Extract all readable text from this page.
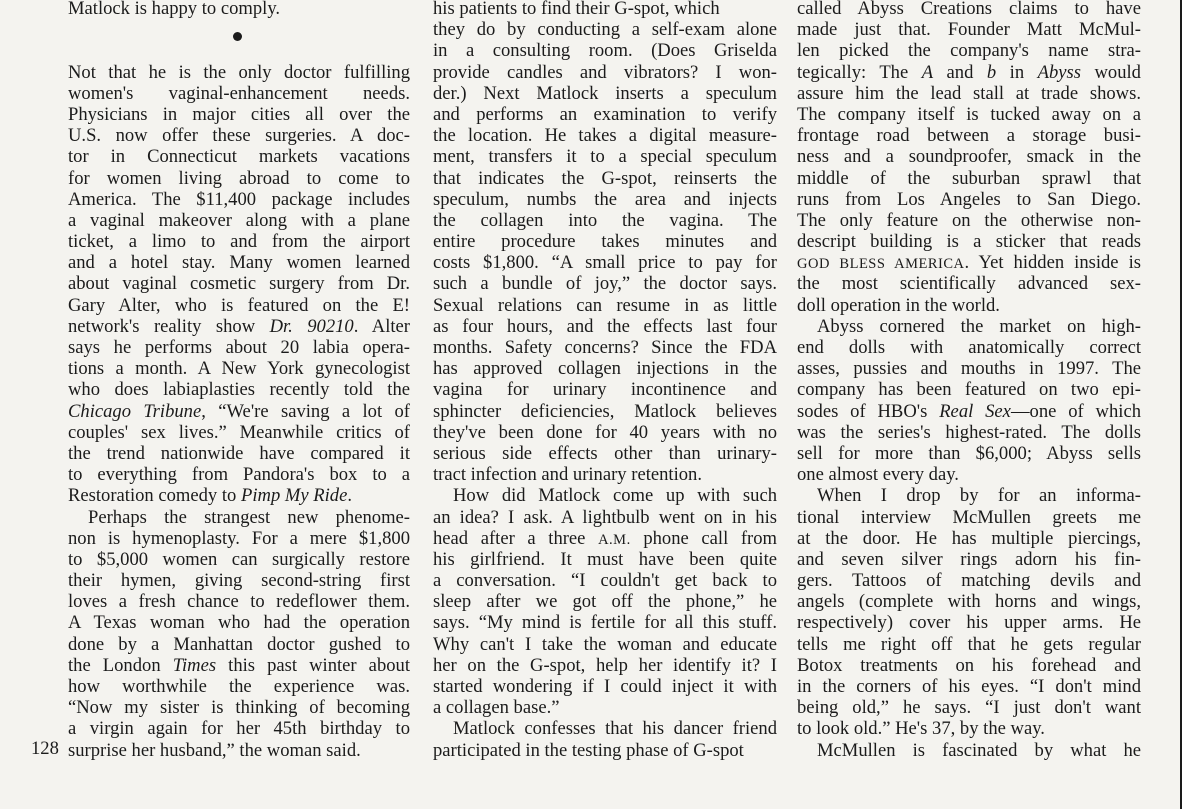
Matlock is happy to comply.
Not that he is the only doctor fulfilling
women's vaginal-enhancement needs.
Physicians in major cities all over the
U.S. now offer these surgeries. A doc-
tor in Connecticut markets vacations
for women living abroad to come to
America. The $11,400 package includes
a vaginal makeover along with a plane
ticket, a limo to and from the airport
and a hotel stay. Many women learned
about vaginal cosmetic surgery from Dr.
Gary Alter, who is featured on the E!
network's reality show Dr. 90210. Alter
says he performs about 20 labia opera-
tions a month. A New York gynecologist
who does labiaplasties recently told the
Chicago Tribune, “We're saving a lot of
couples' sex lives.” Meanwhile critics of
the trend nationwide have compared it
to everything from Pandora's box to a
Restoration comedy to Pimp My Ride.
Perhaps the strangest new phenome-
non is hymenoplasty. For a mere $1,800
to $5,000 women can surgically restore
their hymen, giving second-string first
loves a fresh chance to redeflower them.
A Texas woman who had the operation
done by a Manhattan doctor gushed to
the London Times this past winter about
how worthwhile the experience was.
“Now my sister is thinking of becoming
a virgin again for her 45th birthday to
surprise her husband,” the woman said.
his patients to find their G-spot, which
they do by conducting a self-exam alone
in a consulting room. (Does Griselda
provide candles and vibrators? I won-
der.) Next Matlock inserts a speculum
and performs an examination to verify
the location. He takes a digital measure-
ment, transfers it to a special speculum
that indicates the G-spot, reinserts the
speculum, numbs the area and injects
the collagen into the vagina. The
entire procedure takes minutes and
costs $1,800. “A small price to pay for
such a bundle of joy,” the doctor says.
Sexual relations can resume in as little
as four hours, and the effects last four
months. Safety concerns? Since the FDA
has approved collagen injections in the
vagina for urinary incontinence and
sphincter deficiencies, Matlock believes
they've been done for 40 years with no
serious side effects other than urinary-
tract infection and urinary retention.
How did Matlock come up with such
an idea? I ask. A lightbulb went on in his
head after a three A.M. phone call from
his girlfriend. It must have been quite
a conversation. “I couldn't get back to
sleep after we got off the phone,” he
says. “My mind is fertile for all this stuff.
Why can't I take the woman and educate
her on the G-spot, help her identify it? I
started wondering if I could inject it with
a collagen base.”
Matlock confesses that his dancer friend
participated in the testing phase of G-spot
called Abyss Creations claims to have
made just that. Founder Matt McMul-
len picked the company's name stra-
tegically: The A and b in Abyss would
assure him the lead stall at trade shows.
The company itself is tucked away on a
frontage road between a storage busi-
ness and a soundproofer, smack in the
middle of the suburban sprawl that
runs from Los Angeles to San Diego.
The only feature on the otherwise non-
descript building is a sticker that reads
GOD BLESS AMERICA. Yet hidden inside is
the most scientifically advanced sex-
doll operation in the world.
Abyss cornered the market on high-
end dolls with anatomically correct
asses, pussies and mouths in 1997. The
company has been featured on two epi-
sodes of HBO's Real Sex—one of which
was the series's highest-rated. The dolls
sell for more than $6,000; Abyss sells
one almost every day.
When I drop by for an informa-
tional interview McMullen greets me
at the door. He has multiple piercings,
and seven silver rings adorn his fin-
gers. Tattoos of matching devils and
angels (complete with horns and wings,
respectively) cover his upper arms. He
tells me right off that he gets regular
Botox treatments on his forehead and
in the corners of his eyes. “I don't mind
being old,” he says. “I just don't want
to look old.” He's 37, by the way.
McMullen is fascinated by what he
128
